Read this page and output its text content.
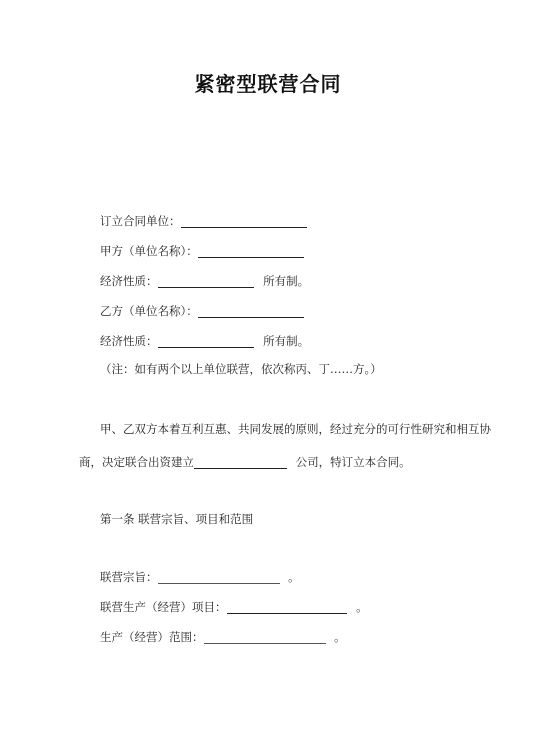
紧密型联营合同
订立合同单位：
甲方（单位名称）：
经济性质：	所有制。
乙方（单位名称）：
经济性质：	所有制。
（注：如有两个以上单位联营，依次称丙、丁……方。）
甲、乙双方本着互利互惠、共同发展的原则，经过充分的可行性研究和相互协
商，决定联合出资建立	公司，特订立本合同。
第一条 联营宗旨、项目和范围
联营宗旨：	。
联营生产（经营）项目：	。
生产（经营）范围：	。
